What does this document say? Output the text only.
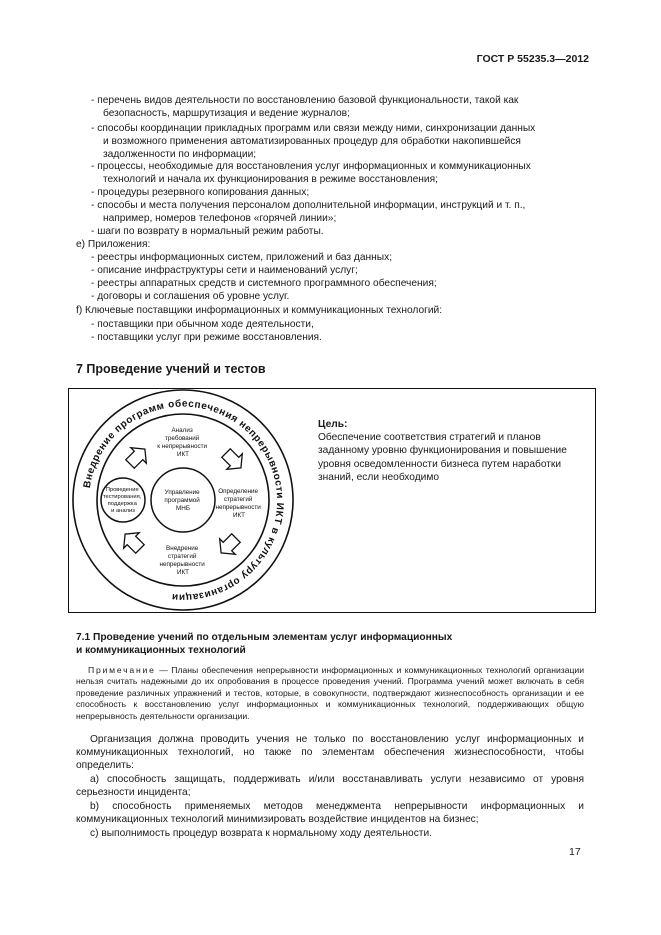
ГОСТ Р 55235.3—2012
- перечень видов деятельности по восстановлению базовой функциональности, такой как
безопасность, маршрутизация и ведение журналов;
- способы координации прикладных программ или связи между ними, синхронизации данных
и возможного применения автоматизированных процедур для обработки накопившейся
задолженности по информации;
- процессы, необходимые для восстановления услуг информационных и коммуникационных
технологий и начала их функционирования в режиме восстановления;
- процедуры резервного копирования данных;
- способы и места получения персоналом дополнительной информации, инструкций и т. п.,
например, номеров телефонов «горячей линии»;
- шаги по возврату в нормальный режим работы.
e) Приложения:
- реестры информационных систем, приложений и баз данных;
- описание инфраструктуры сети и наименований услуг;
- реестры аппаратных средств и системного программного обеспечения;
- договоры и соглашения об уровне услуг.
f) Ключевые поставщики информационных и коммуникационных технологий:
- поставщики при обычном ходе деятельности,
- поставщики услуг при режиме восстановления.
7 Проведение учений и тестов
Внедрение программ обеспечения непрерывности ИКТ в культуру организации
Управление программой МНБ
Анализ требований к непрерывности ИКТ
Определение стратегий непрерывности ИКТ
Внедрение стратегий непрерывности ИКТ
Проведение тестирования, поддержка и анализ
Цель:
Обеспечение соответствия стратегий и планов заданному уровню функционирования и повышение уровня осведомленности бизнеса путем наработки знаний, если необходимо
7.1 Проведение учений по отдельным элементам услуг информационных
и коммуникационных технологий
Примечание — Планы обеспечения непрерывности информационных и коммуникационных технологий организации нельзя считать надежными до их опробования в процессе проведения учений. Программа учений может включать в себя проведение различных упражнений и тестов, которые, в совокупности, подтверждают жизнеспособность организации и ее способность к восстановлению услуг информационных и коммуникационных технологий, поддерживающих общую непрерывность деятельности организации.
Организация должна проводить учения не только по восстановлению услуг информационных и коммуникационных технологий, но также по элементам обеспечения жизнеспособности, чтобы определить:
a) способность защищать, поддерживать и/или восстанавливать услуги независимо от уровня серьезности инцидента;
b) способность применяемых методов менеджмента непрерывности информационных и коммуникационных технологий минимизировать воздействие инцидентов на бизнес;
c) выполнимость процедур возврата к нормальному ходу деятельности.
17
